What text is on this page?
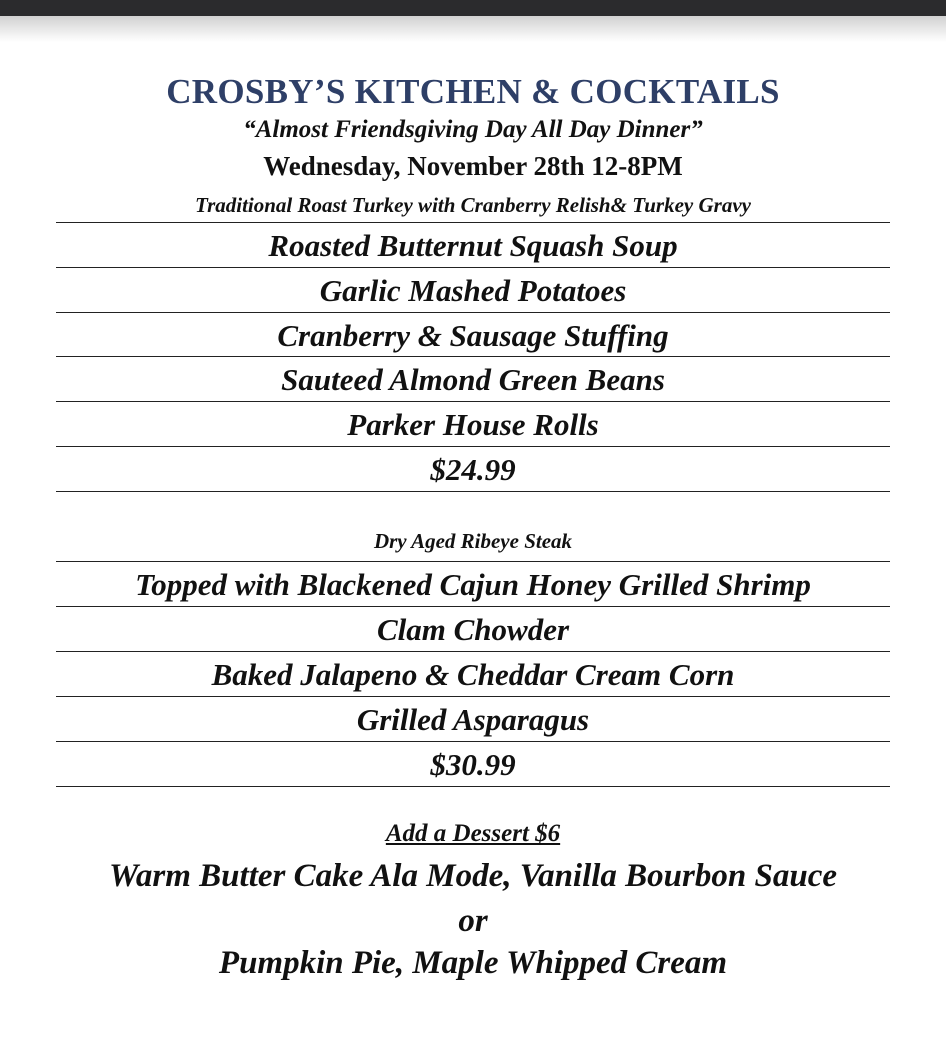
CROSBY’S KITCHEN & COCKTAILS
“Almost Friendsgiving Day All Day Dinner”
Wednesday, November 28th 12-8PM
Traditional Roast Turkey with Cranberry Relish& Turkey Gravy
Roasted Butternut Squash Soup
Garlic Mashed Potatoes
Cranberry & Sausage Stuffing
Sauteed Almond Green Beans
Parker House Rolls
$24.99
Dry Aged Ribeye Steak
Topped with Blackened Cajun Honey Grilled Shrimp
Clam Chowder
Baked Jalapeno & Cheddar Cream Corn
Grilled Asparagus
$30.99
Add a Dessert $6
Warm Butter Cake Ala Mode, Vanilla Bourbon Sauce
or
Pumpkin Pie, Maple Whipped Cream
